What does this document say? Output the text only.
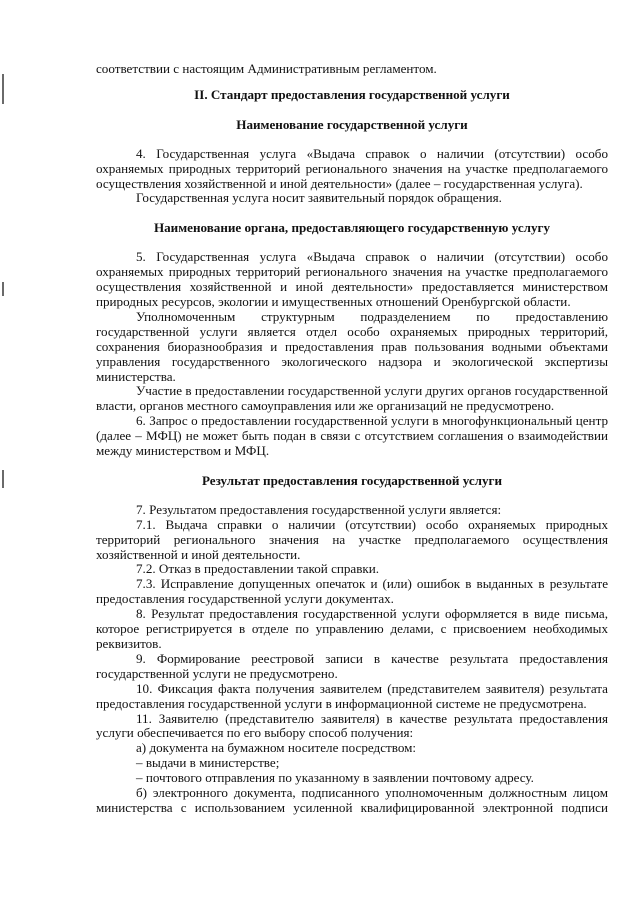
соответствии с настоящим Административным регламентом.

II. Стандарт предоставления государственной услуги

Наименование государственной услуги

4. Государственная услуга «Выдача справок о наличии (отсутствии) особо охраняемых природных территорий регионального значения на участке предполагаемого осуществления хозяйственной и иной деятельности» (далее – государственная услуга).

Государственная услуга носит заявительный порядок обращения.

Наименование органа, предоставляющего государственную услугу

5. Государственная услуга «Выдача справок о наличии (отсутствии) особо охраняемых природных территорий регионального значения на участке предполагаемого осуществления хозяйственной и иной деятельности» предоставляется министерством природных ресурсов, экологии и имущественных отношений Оренбургской области.

Уполномоченным структурным подразделением по предоставлению государственной услуги является отдел особо охраняемых природных территорий, сохранения биоразнообразия и предоставления прав пользования водными объектами управления государственного экологического надзора и экологической экспертизы министерства.

Участие в предоставлении государственной услуги других органов государственной власти, органов местного самоуправления или же организаций не предусмотрено.

6. Запрос о предоставлении государственной услуги в многофункциональный центр (далее – МФЦ) не может быть подан в связи с отсутствием соглашения о взаимодействии между министерством и МФЦ.

Результат предоставления государственной услуги

7. Результатом предоставления государственной услуги является:

7.1. Выдача справки о наличии (отсутствии) особо охраняемых природных территорий регионального значения на участке предполагаемого осуществления хозяйственной и иной деятельности.

7.2. Отказ в предоставлении такой справки.

7.3. Исправление допущенных опечаток и (или) ошибок в выданных в результате предоставления государственной услуги документах.

8. Результат предоставления государственной услуги оформляется в виде письма, которое регистрируется в отделе по управлению делами, с присвоением необходимых реквизитов.

9. Формирование реестровой записи в качестве результата предоставления государственной услуги не предусмотрено.

10. Фиксация факта получения заявителем (представителем заявителя) результата предоставления государственной услуги в информационной системе не предусмотрена.

11. Заявителю (представителю заявителя) в качестве результата предоставления услуги обеспечивается по его выбору способ получения:

а) документа на бумажном носителе посредством:

– выдачи в министерстве;

– почтового отправления по указанному в заявлении почтовому адресу.

б) электронного документа, подписанного уполномоченным должностным лицом министерства с использованием усиленной квалифицированной электронной подписи
